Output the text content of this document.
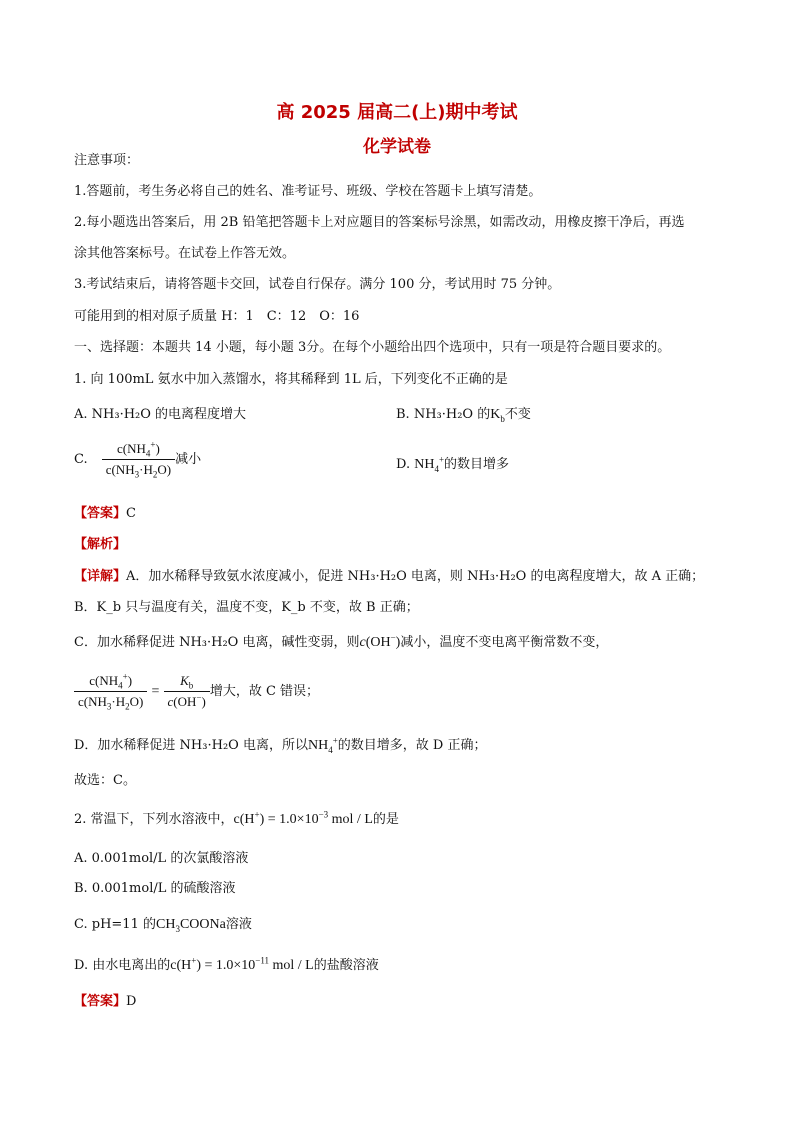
高 2025 届高二(上)期中考试
化学试卷
注意事项：
1.答题前，考生务必将自己的姓名、准考证号、班级、学校在答题卡上填写清楚。
2.每小题选出答案后，用 2B 铅笔把答题卡上对应题目的答案标号涂黑，如需改动，用橡皮擦干净后，再选
涂其他答案标号。在试卷上作答无效。
3.考试结束后，请将答题卡交回，试卷自行保存。满分 100 分，考试用时 75 分钟。
可能用到的相对原子质量 H：1　C：12　O：16
一、选择题：本题共 14 小题，每小题 3分。在每个小题给出四个选项中，只有一项是符合题目要求的。
1. 向 100mL 氨水中加入蒸馏水，将其稀释到 1L 后，下列变化不正确的是
A. NH₃·H₂O 的电离程度增大	B. NH₃·H₂O 的$K_b$不变
C. $\frac{c(NH_4^+)}{c(NH_3\cdot H_2O)}$ 减小	D. $NH_4^+$的数目增多
【答案】C
【解析】
【详解】A．加水稀释导致氨水浓度减小，促进 NH₃·H₂O 电离，则 NH₃·H₂O 的电离程度增大，故 A 正确；
B．K_b 只与温度有关，温度不变，K_b 不变，故 B 正确；
C．加水稀释促进 NH₃·H₂O 电离，碱性变弱，则c(OH−)减小，温度不变电离平衡常数不变，
$\frac{c(NH_4^+)}{c(NH_3\cdot H_2O)} = \frac{K_b}{c(OH^-)}$ 增大，故 C 错误；
D．加水稀释促进 NH₃·H₂O 电离，所以$NH_4^+$的数目增多，故 D 正确；
故选：C。
2. 常温下，下列水溶液中，$c(H^+) = 1.0\times 10^{-3}$ mol / L的是
A. 0.001mol/L 的次氯酸溶液
B. 0.001mol/L 的硫酸溶液
C. pH=11 的$CH_3COONa$溶液
D. 由水电离出的$c(H^+) = 1.0\times 10^{-11}$ mol / L的盐酸溶液
【答案】D
